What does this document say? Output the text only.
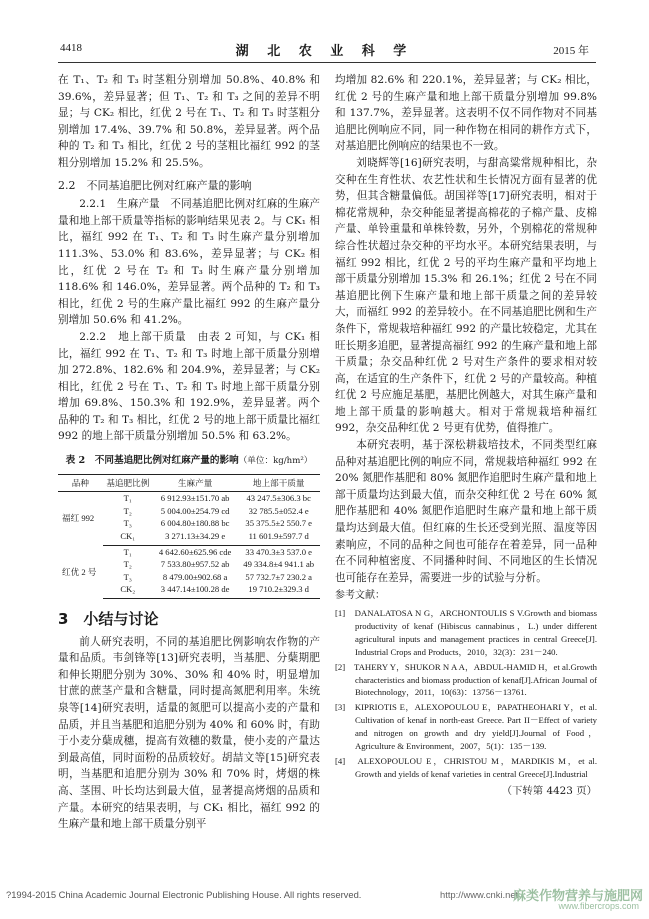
4418	湖 北 农 业 科 学	2015 年

在 T₁、T₂ 和 T₃ 时茎粗分别增加 50.8%、40.8% 和 39.6%，差异显著；但 T₁、T₂ 和 T₃ 之间的差异不明显；与 CK₂ 相比，红优 2 号在 T₁、T₂ 和 T₃ 时茎粗分别增加 17.4%、39.7% 和 50.8%，差异显著。两个品种的 T₂ 和 T₃ 相比，红优 2 号的茎粗比福红 992 的茎粗分别增加 15.2% 和 25.5%。

2.2　不同基追肥比例对红麻产量的影响

2.2.1　生麻产量　 不同基追肥比例对红麻的生麻产量和地上部干质量等指标的影响结果见表 2。与 CK₁ 相比，福红 992 在 T₁、T₂ 和 T₃ 时生麻产量分别增加 111.3%、53.0% 和 83.6%，差异显著；与 CK₂ 相比，红优 2 号在 T₂ 和 T₃ 时生麻产量分别增加 118.6% 和 146.0%，差异显著。两个品种的 T₂ 和 T₃ 相比，红优 2 号的生麻产量比福红 992 的生麻产量分别增加 50.6% 和 41.2%。

2.2.2　地上部干质量　 由表 2 可知，与 CK₁ 相比，福红 992 在 T₁、T₂ 和 T₃ 时地上部干质量分别增加 272.8%、182.6% 和 204.9%，差异显著；与 CK₂ 相比，红优 2 号在 T₁、T₂ 和 T₃ 时地上部干质量分别增加 69.8%、150.3% 和 192.9%，差异显著。两个品种的 T₂ 和 T₃ 相比，红优 2 号的地上部干质量比福红 992 的地上部干质量分别增加 50.5% 和 63.2%。

表 2　不同基追肥比例对红麻产量的影响（单位：kg/hm²）
品种	基追肥比例	生麻产量	地上部干质量
福红 992	T₁	6 912.93±151.70 ab	43 247.5±306.3 bc
	T₂	5 004.00±254.79 cd	32 785.5±052.4 e
	T₃	6 004.80±180.88 bc	35 375.5±2 550.7 e
	CK₁	3 271.13±34.29 e	11 601.9±597.7 d
红优 2 号	T₁	4 642.60±625.96 cde	33 470.3±3 537.0 e
	T₂	7 533.80±957.52 ab	49 334.8±4 941.1 ab
	T₃	8 479.00±902.68 a	57 732.7±7 230.2 a
	CK₂	3 447.14±100.28 de	19 710.2±329.3 d
3　小结与讨论

前人研究表明，不同的基追肥比例影响农作物的产量和品质。韦剑锋等[13]研究表明，当基肥、分蘖期肥和伸长期肥分别为 30%、30% 和 40% 时，明显增加甘蔗的蔗茎产量和含糖量，同时提高氮肥利用率。朱统泉等[14]研究表明，适量的氮肥可以提高小麦的产量和品质，并且当基肥和追肥分别为 40% 和 60% 时，有助于小麦分蘖成穗，提高有效穗的数量，使小麦的产量达到最高值，同时面粉的品质较好。胡喆文等[15]研究表明，当基肥和追肥分别为 30% 和 70% 时，烤烟的株高、茎围、叶长均达到最大值，显著提高烤烟的品质和产量。本研究的结果表明，与 CK₁ 相比，福红 992 的生麻产量和地上部干质量分别平

均增加 82.6% 和 220.1%，差异显著；与 CK₂ 相比，红优 2 号的生麻产量和地上部干质量分别增加 99.8% 和 137.7%，差异显著。这表明不仅不同作物对不同基追肥比例响应不同，同一种作物在相同的耕作方式下，对基追肥比例响应的结果也不一致。

刘晓辉等[16]研究表明，与甜高粱常规种相比，杂交种在生育性状、农艺性状和生长情况方面有显著的优势，但其含糖量偏低。胡国祥等[17]研究表明，相对于棉花常规种，杂交种能显著提高棉花的子棉产量、皮棉产量、单铃重量和单株铃数，另外，个别棉花的常规种综合性状超过杂交种的平均水平。本研究结果表明，与福红 992 相比，红优 2 号的平均生麻产量和平均地上部干质量分别增加 15.3% 和 26.1%；红优 2 号在不同基追肥比例下生麻产量和地上部干质量之间的差异较大，而福红 992 的差异较小。在不同基追肥比例和生产条件下，常规栽培种福红 992 的产量比较稳定，尤其在旺长期多追肥，显著提高福红 992 的生麻产量和地上部干质量；杂交品种红优 2 号对生产条件的要求相对较高，在适宜的生产条件下，红优 2 号的产量较高。种植红优 2 号应施足基肥，基肥比例越大，对其生麻产量和地上部干质量的影响越大。相对于常规栽培种福红 992，杂交品种红优 2 号更有优势，值得推广。

本研究表明，基于深松耕栽培技术，不同类型红麻品种对基追肥比例的响应不同，常规栽培种福红 992 在 20% 氮肥作基肥和 80% 氮肥作追肥时生麻产量和地上部干质量均达到最大值，而杂交种红优 2 号在 60% 氮肥作基肥和 40% 氮肥作追肥时生麻产量和地上部干质量均达到最大值。但红麻的生长还受到光照、温度等因素响应，不同的品种之间也可能存在着差异，同一品种在不同种植密度、不同播种时间、不同地区的生长情况也可能存在差异，需要进一步的试验与分析。

参考文献：

[1]　DANALATOSA N G，ARCHONTOULIS S V.Growth and biomass productivity of kenaf (Hibiscus cannabinus，L.) under different agricultural inputs and management practices in central Greece[J]. Industrial Crops and Products，2010，32(3)：231－240.

[2]　TAHERY Y，SHUKOR N A A，ABDUL-HAMID H，et al.Growth characteristics and biomass production of kenaf[J].African Journal of Biotechnology，2011，10(63)：13756－13761.

[3]　KIPRIOTIS E，ALEXOPOULOU E，PAPATHEOHARI Y，et al. Cultivation of kenaf in north-east Greece. Part II－Effect of variety and nitrogen on growth and dry yield[J].Journal of Food，Agriculture & Environment，2007，5(1)：135－139.

[4]　ALEXOPOULOU E，CHRISTOU M，MARDIKIS M，et al. Growth and yields of kenaf varieties in central Greece[J].Industrial

（下转第 4423 页）
?1994-2015 China Academic Journal Electronic Publishing House. All rights reserved.	http://www.cnki.net
麻类作物营养与施肥网
www.fibercrops.com
